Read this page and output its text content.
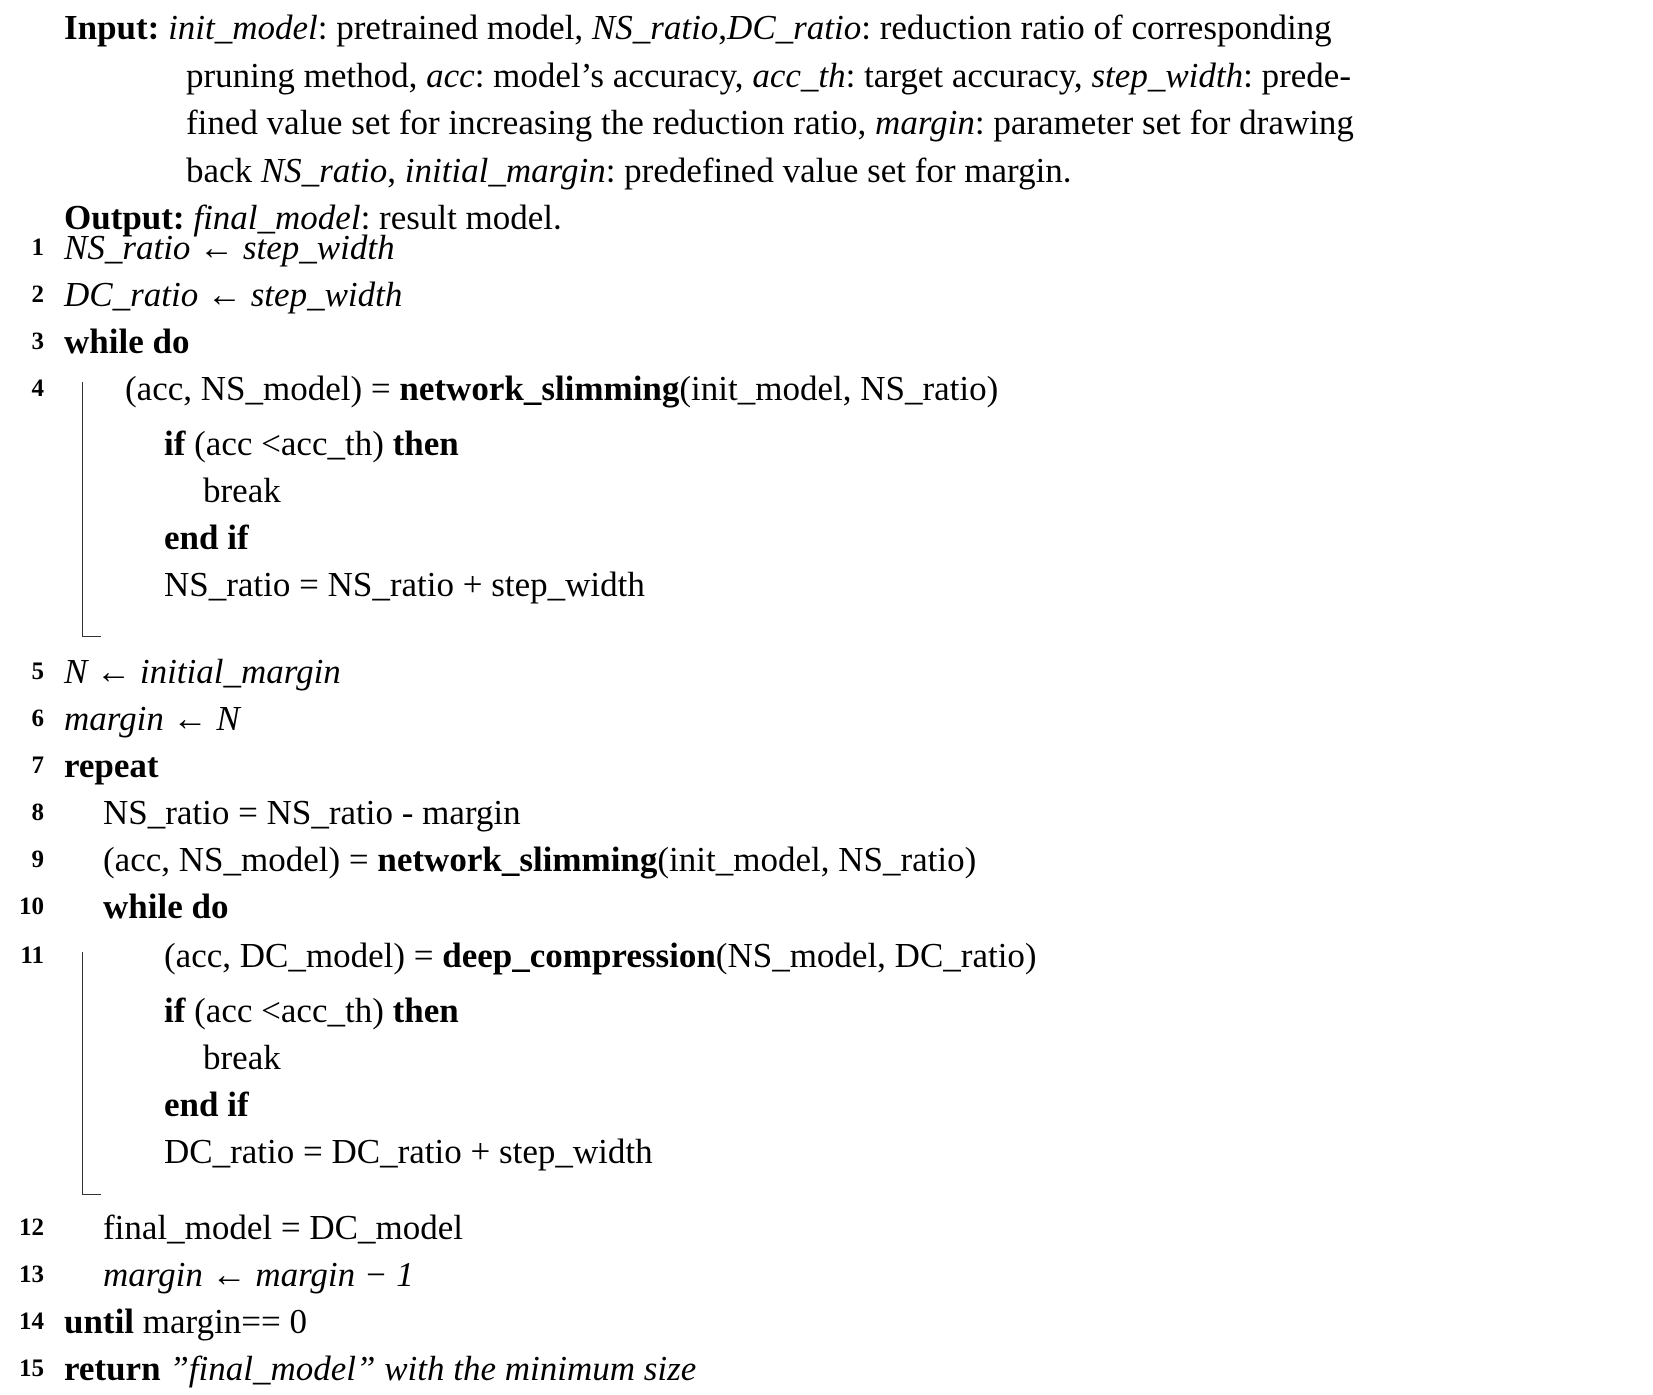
Input: init_model: pretrained model, NS_ratio,DC_ratio: reduction ratio of corresponding
pruning method, acc: model’s accuracy, acc_th: target accuracy, step_width: prede-
fined value set for increasing the reduction ratio, margin: parameter set for drawing
back NS_ratio, initial_margin: predefined value set for margin.
Output: final_model: result model.
1 NS_ratio ← step_width
2 DC_ratio ← step_width
3 while do
4 (acc, NS_model) = network_slimming(init_model, NS_ratio)
if (acc <acc_th) then
break
end if
NS_ratio = NS_ratio + step_width
5 N ← initial_margin
6 margin ← N
7 repeat
8 NS_ratio = NS_ratio - margin
9 (acc, NS_model) = network_slimming(init_model, NS_ratio)
10 while do
11	(acc, DC_model) = deep_compression(NS_model, DC_ratio)
if (acc <acc_th) then
break
end if
DC_ratio = DC_ratio + step_width
12 final_model = DC_model
13 margin ← margin − 1
14 until margin== 0
15 return ”final_model” with the minimum size
